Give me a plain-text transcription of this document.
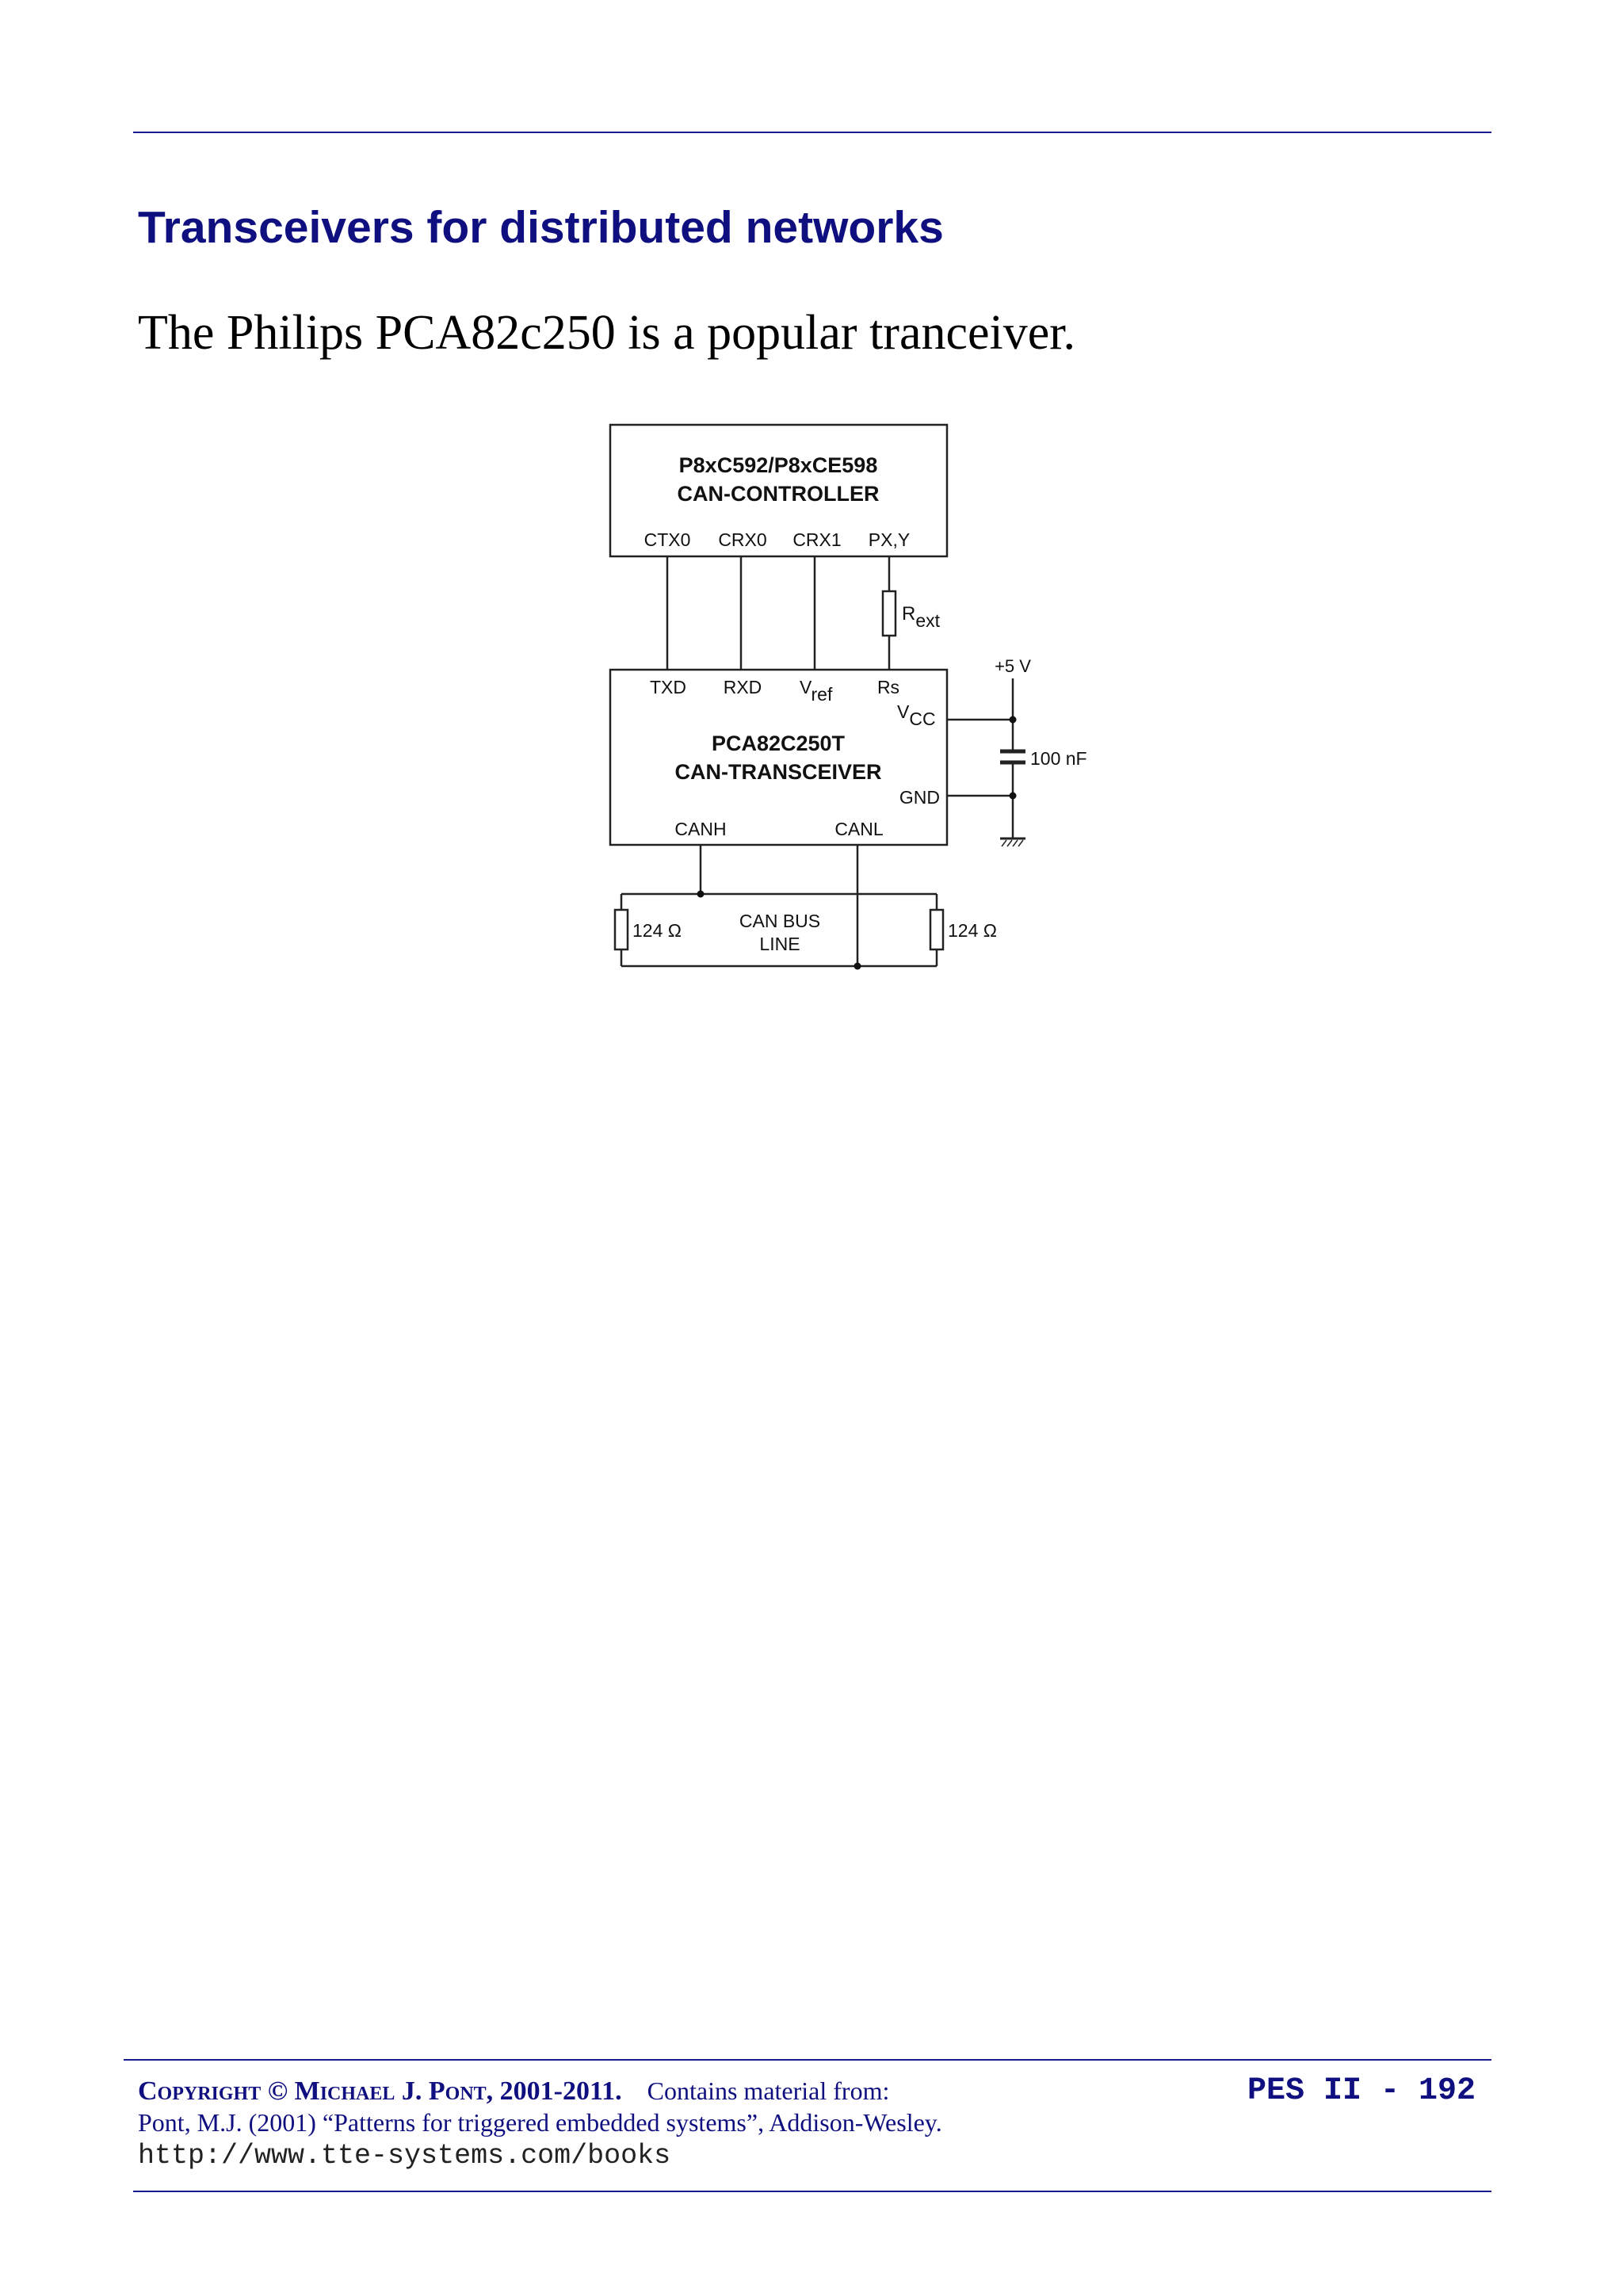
Transceivers for distributed networks

The Philips PCA82c250 is a popular tranceiver.

P8xC592/P8xCE598
CAN-CONTROLLER
CTX0 CRX0 CRX1 PX,Y
Rext
+5 V
100 nF
TXD RXD Vref Rs
VCC
PCA82C250T
CAN-TRANSCEIVER
GND
CANH	CANL
CAN BUS
LINE
124 Ω	124 Ω

Copyright © Michael J. Pont, 2001-2011. Contains material from:

Pont, M.J. (2001) “Patterns for triggered embedded systems”, Addison-Wesley.

http://www.tte-systems.com/books

PES II - 192
